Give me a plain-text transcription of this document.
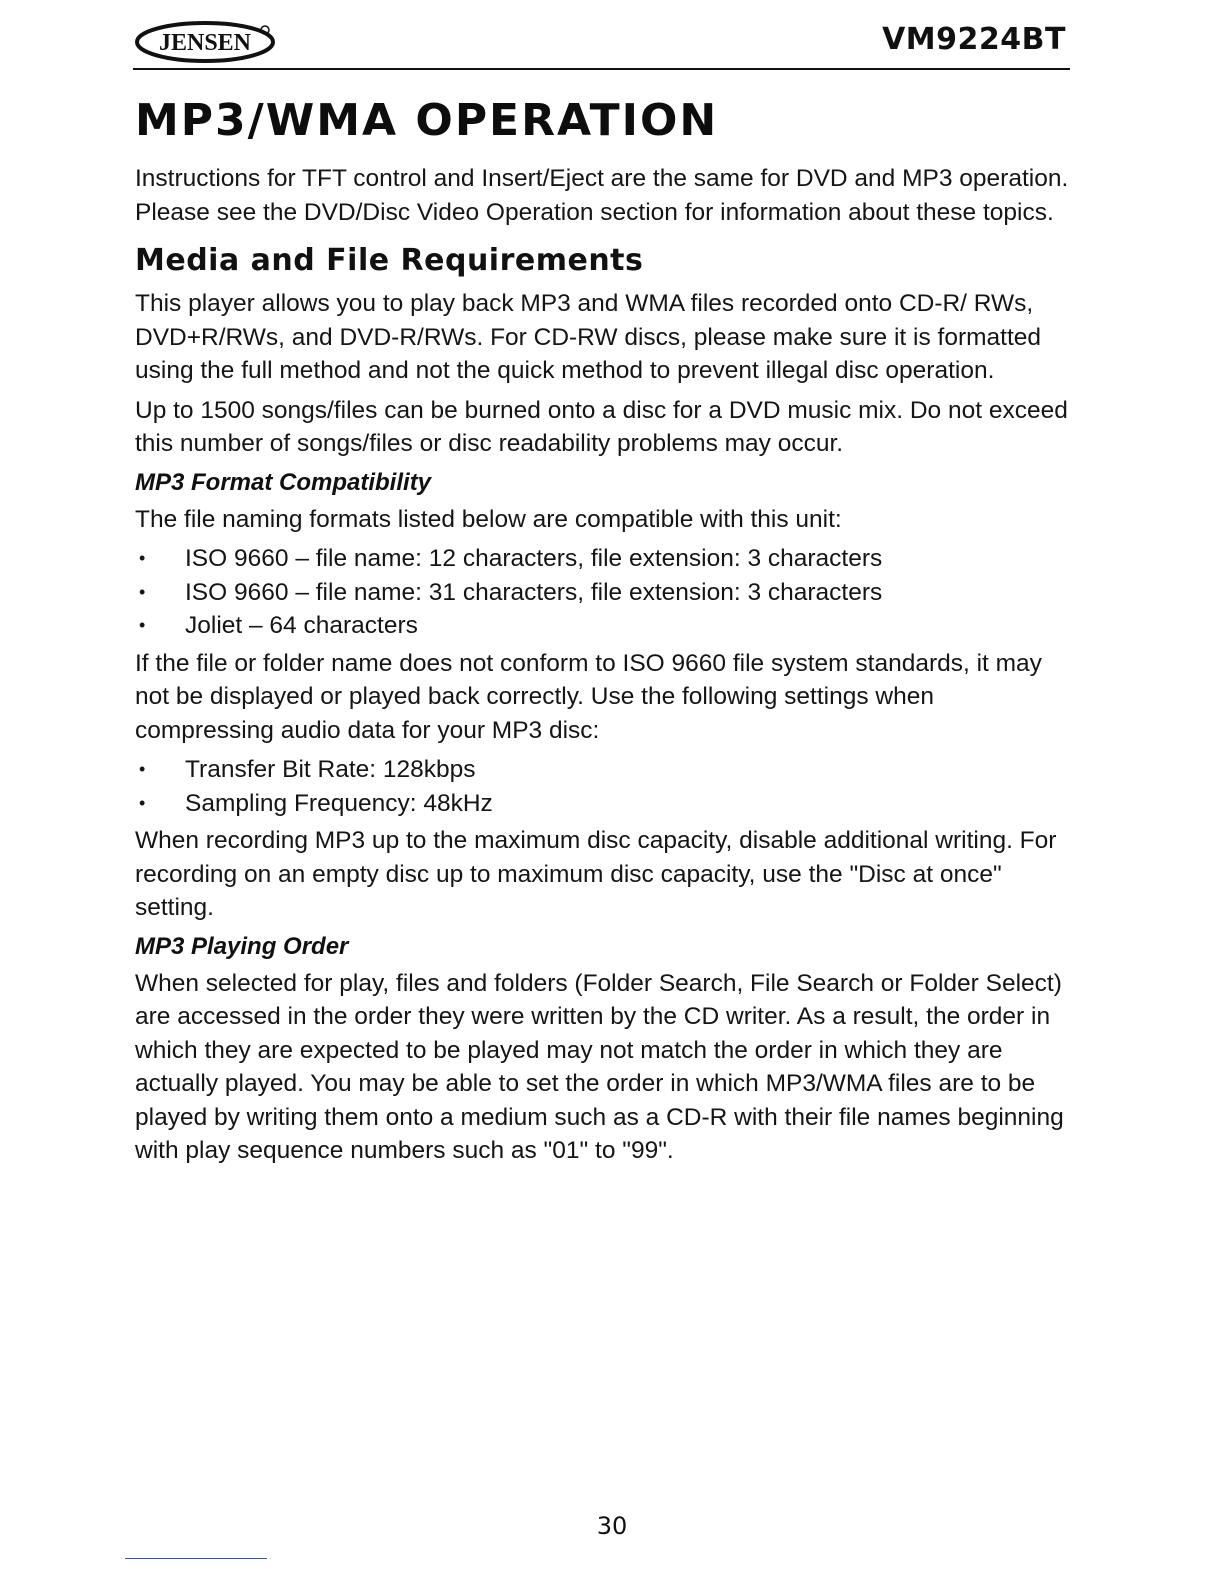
JENSEN	VM9224BT
MP3/WMA OPERATION

Instructions for TFT control and Insert/Eject are the same for DVD and MP3 operation. Please see the DVD/Disc Video Operation section for information about these topics.

Media and File Requirements

This player allows you to play back MP3 and WMA files recorded onto CD-R/ RWs, DVD+R/RWs, and DVD-R/RWs. For CD-RW discs, please make sure it is formatted using the full method and not the quick method to prevent illegal disc operation.

Up to 1500 songs/files can be burned onto a disc for a DVD music mix. Do not exceed this number of songs/files or disc readability problems may occur.

MP3 Format Compatibility

The file naming formats listed below are compatible with this unit:

•	ISO 9660 – file name: 12 characters, file extension: 3 characters
•	ISO 9660 – file name: 31 characters, file extension: 3 characters
•	Joliet – 64 characters

If the file or folder name does not conform to ISO 9660 file system standards, it may not be displayed or played back correctly. Use the following settings when compressing audio data for your MP3 disc:

•	Transfer Bit Rate: 128kbps
•	Sampling Frequency: 48kHz

When recording MP3 up to the maximum disc capacity, disable additional writing. For recording on an empty disc up to maximum disc capacity, use the "Disc at once" setting.

MP3 Playing Order

When selected for play, files and folders (Folder Search, File Search or Folder Select) are accessed in the order they were written by the CD writer. As a result, the order in which they are expected to be played may not match the order in which they are actually played. You may be able to set the order in which MP3/WMA files are to be played by writing them onto a medium such as a CD-R with their file names beginning with play sequence numbers such as "01" to "99".

30
